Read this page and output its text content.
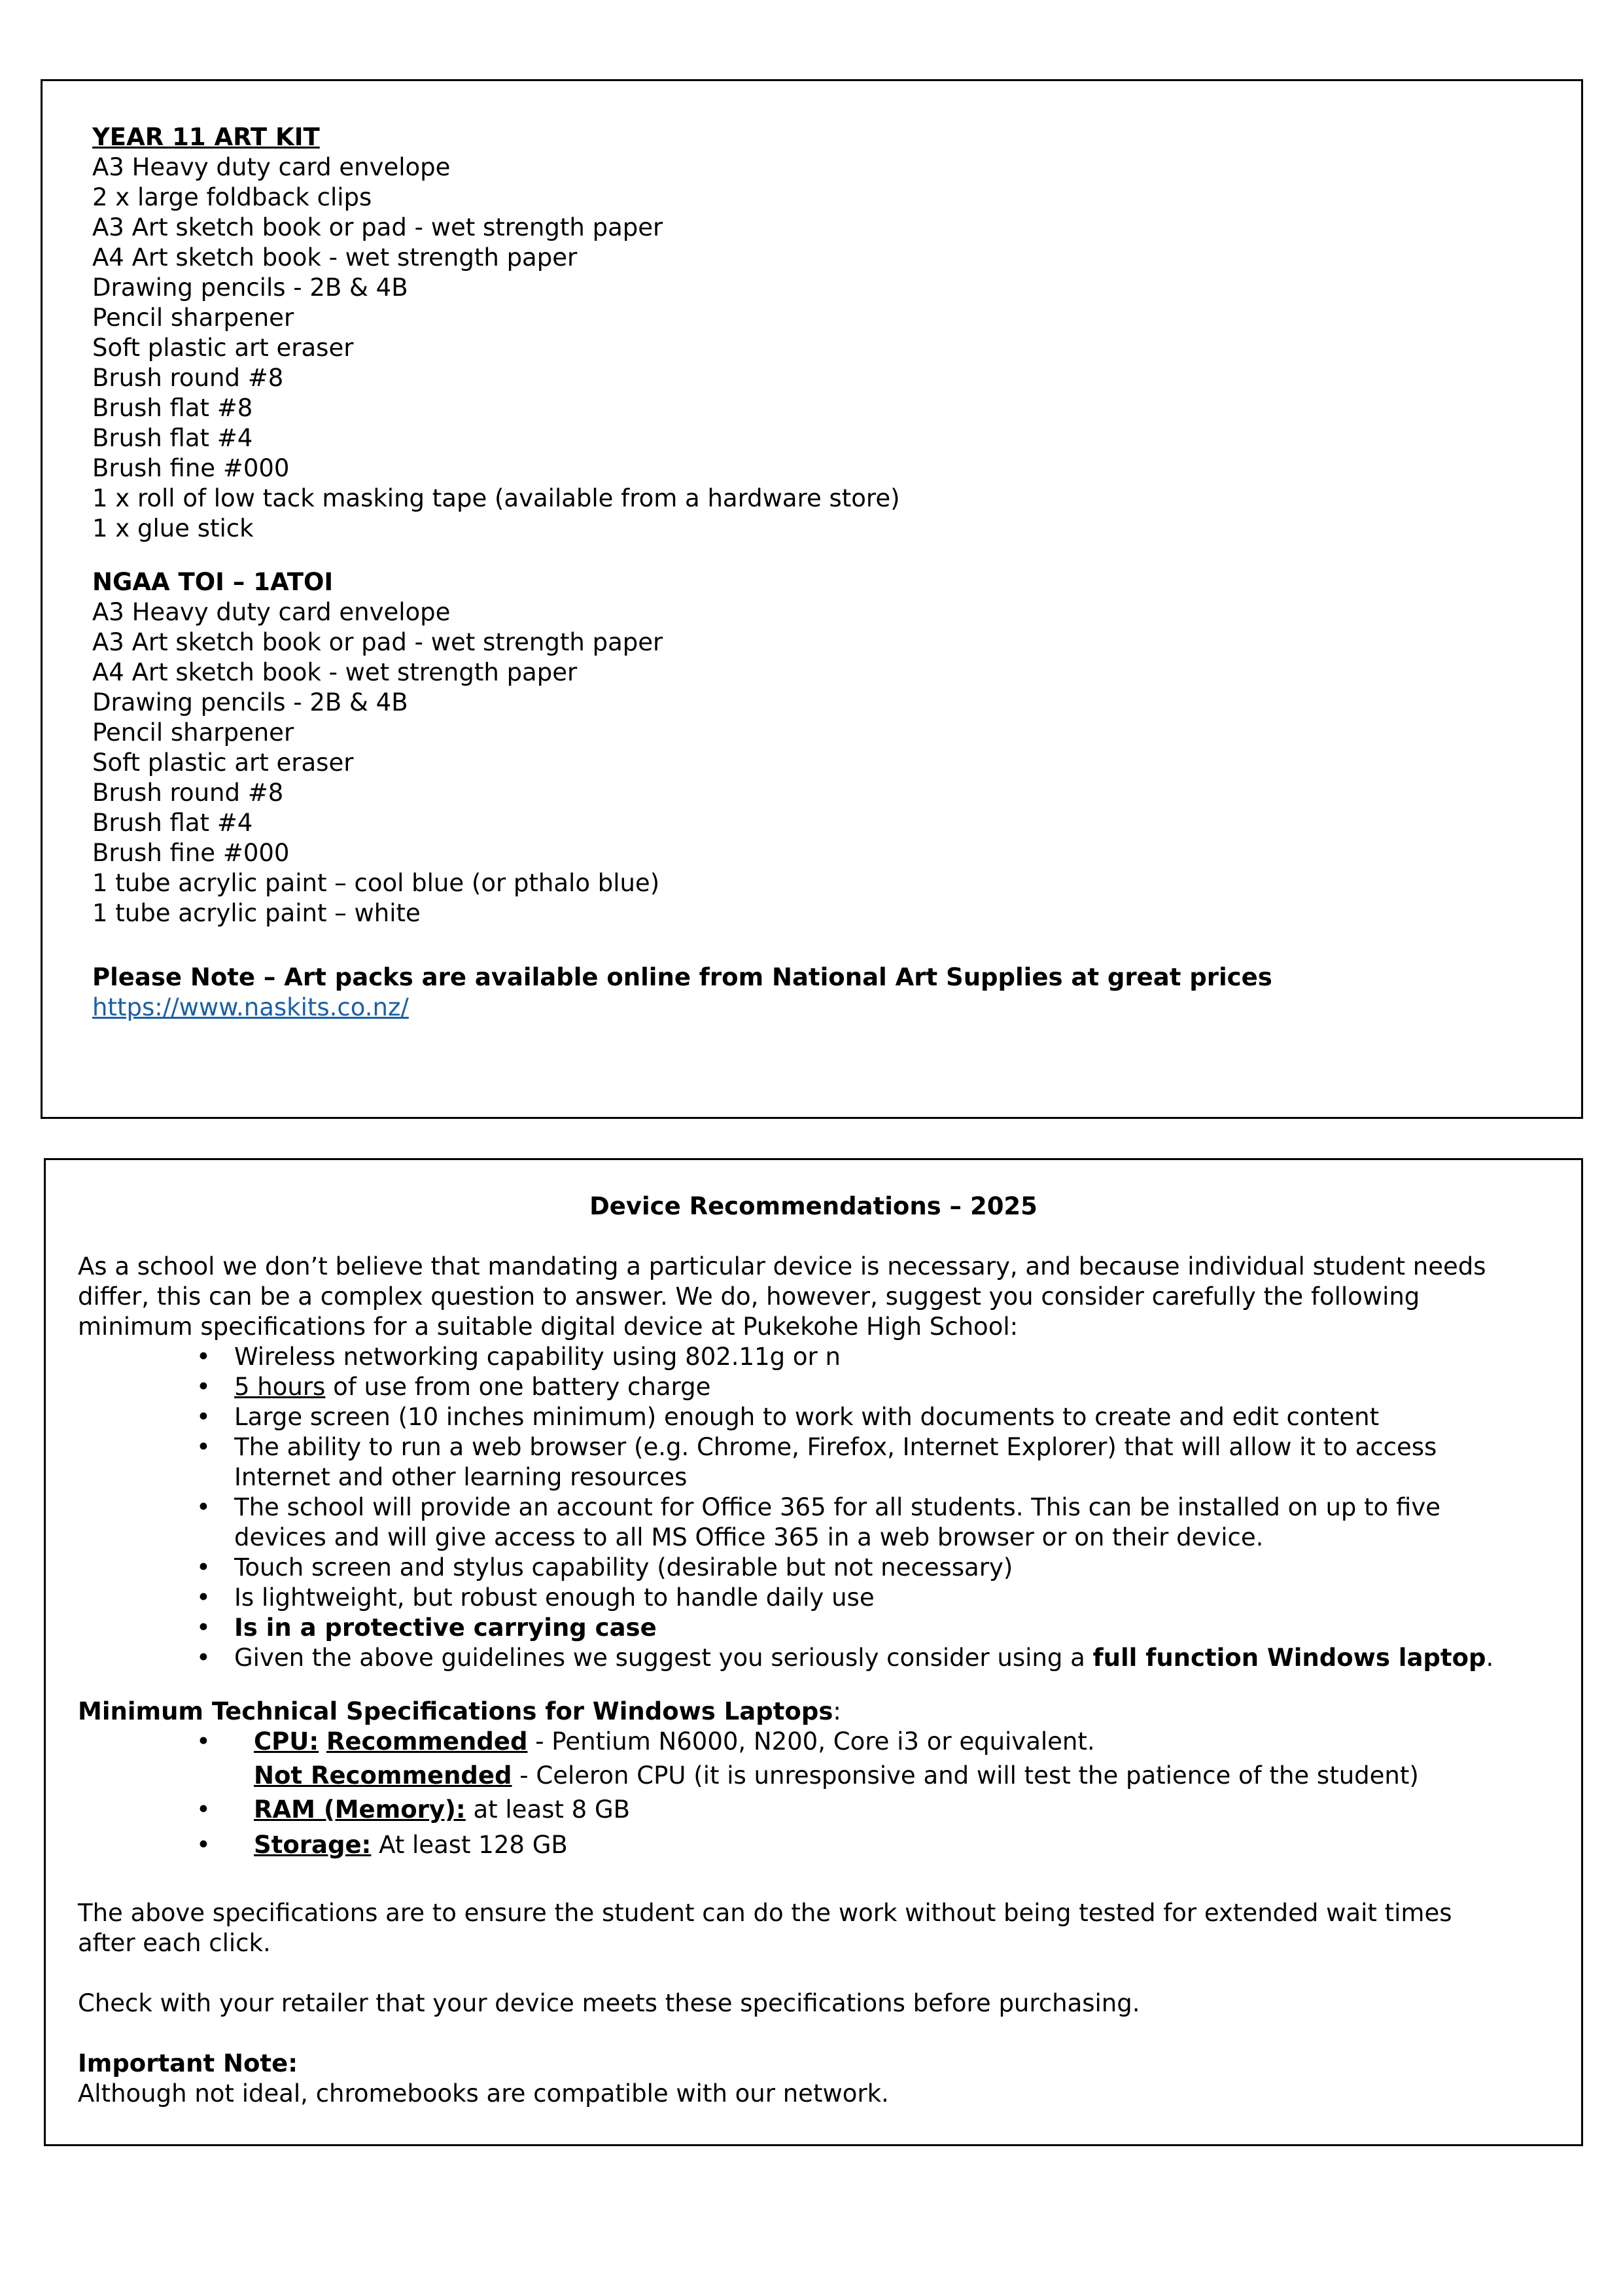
YEAR 11 ART KIT
A3 Heavy duty card envelope
2 x large foldback clips
A3 Art sketch book or pad - wet strength paper
A4 Art sketch book - wet strength paper
Drawing pencils - 2B & 4B
Pencil sharpener
Soft plastic art eraser
Brush round #8
Brush flat #8
Brush flat #4
Brush fine #000
1 x roll of low tack masking tape (available from a hardware store)
1 x glue stick
NGAA TOI – 1ATOI
A3 Heavy duty card envelope
A3 Art sketch book or pad - wet strength paper
A4 Art sketch book - wet strength paper
Drawing pencils - 2B & 4B
Pencil sharpener
Soft plastic art eraser
Brush round #8
Brush flat #4
Brush fine #000
1 tube acrylic paint – cool blue (or pthalo blue)
1 tube acrylic paint – white
Please Note – Art packs are available online from National Art Supplies at great prices
https://www.naskits.co.nz/
Device Recommendations – 2025
As a school we don’t believe that mandating a particular device is necessary, and because individual student needs
differ, this can be a complex question to answer. We do, however, suggest you consider carefully the following
minimum specifications for a suitable digital device at Pukekohe High School:
• Wireless networking capability using 802.11g or n
• 5 hours of use from one battery charge
• Large screen (10 inches minimum) enough to work with documents to create and edit content
• The ability to run a web browser (e.g. Chrome, Firefox, Internet Explorer) that will allow it to access
Internet and other learning resources
• The school will provide an account for Office 365 for all students. This can be installed on up to five
devices and will give access to all MS Office 365 in a web browser or on their device.
• Touch screen and stylus capability (desirable but not necessary)
• Is lightweight, but robust enough to handle daily use
• Is in a protective carrying case
• Given the above guidelines we suggest you seriously consider using a full function Windows laptop.
Minimum Technical Specifications for Windows Laptops:
• CPU: Recommended - Pentium N6000, N200, Core i3 or equivalent.
Not Recommended - Celeron CPU (it is unresponsive and will test the patience of the student)
• RAM (Memory): at least 8 GB
• Storage: At least 128 GB
The above specifications are to ensure the student can do the work without being tested for extended wait times
after each click.
Check with your retailer that your device meets these specifications before purchasing.
Important Note:
Although not ideal, chromebooks are compatible with our network.
